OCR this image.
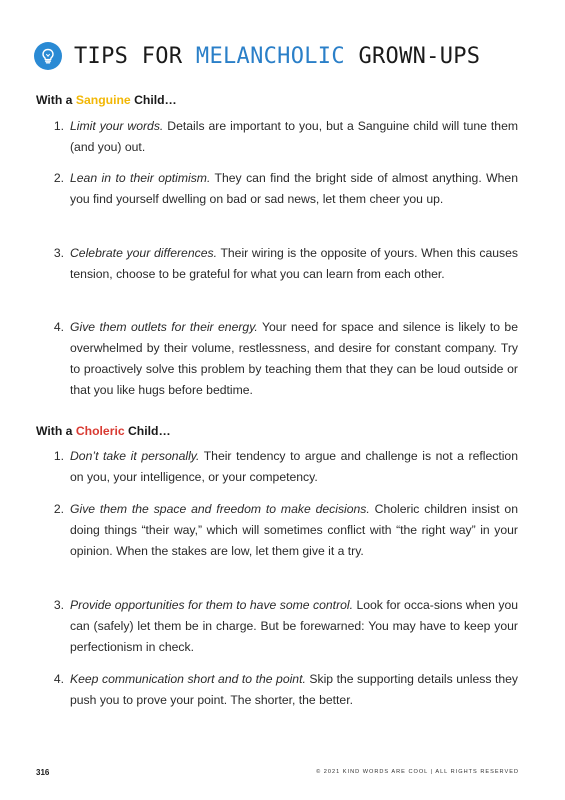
TIPS FOR MELANCHOLIC GROWN-UPS
With a Sanguine Child…
1. Limit your words. Details are important to you, but a Sanguine child will tune them (and you) out.
2. Lean in to their optimism. They can find the bright side of almost anything. When you find yourself dwelling on bad or sad news, let them cheer you up.
3. Celebrate your differences. Their wiring is the opposite of yours. When this causes tension, choose to be grateful for what you can learn from each other.
4. Give them outlets for their energy. Your need for space and silence is likely to be overwhelmed by their volume, restlessness, and desire for constant company. Try to proactively solve this problem by teaching them that they can be loud outside or that you like hugs before bedtime.
With a Choleric Child…
1. Don’t take it personally. Their tendency to argue and challenge is not a reflection on you, your intelligence, or your competency.
2. Give them the space and freedom to make decisions. Choleric children insist on doing things “their way,” which will sometimes conflict with “the right way” in your opinion. When the stakes are low, let them give it a try.
3. Provide opportunities for them to have some control. Look for occa-sions when you can (safely) let them be in charge. But be forewarned: You may have to keep your perfectionism in check.
4. Keep communication short and to the point. Skip the supporting details unless they push you to prove your point. The shorter, the better.
316	© 2021 KIND WORDS ARE COOL | ALL RIGHTS RESERVED
